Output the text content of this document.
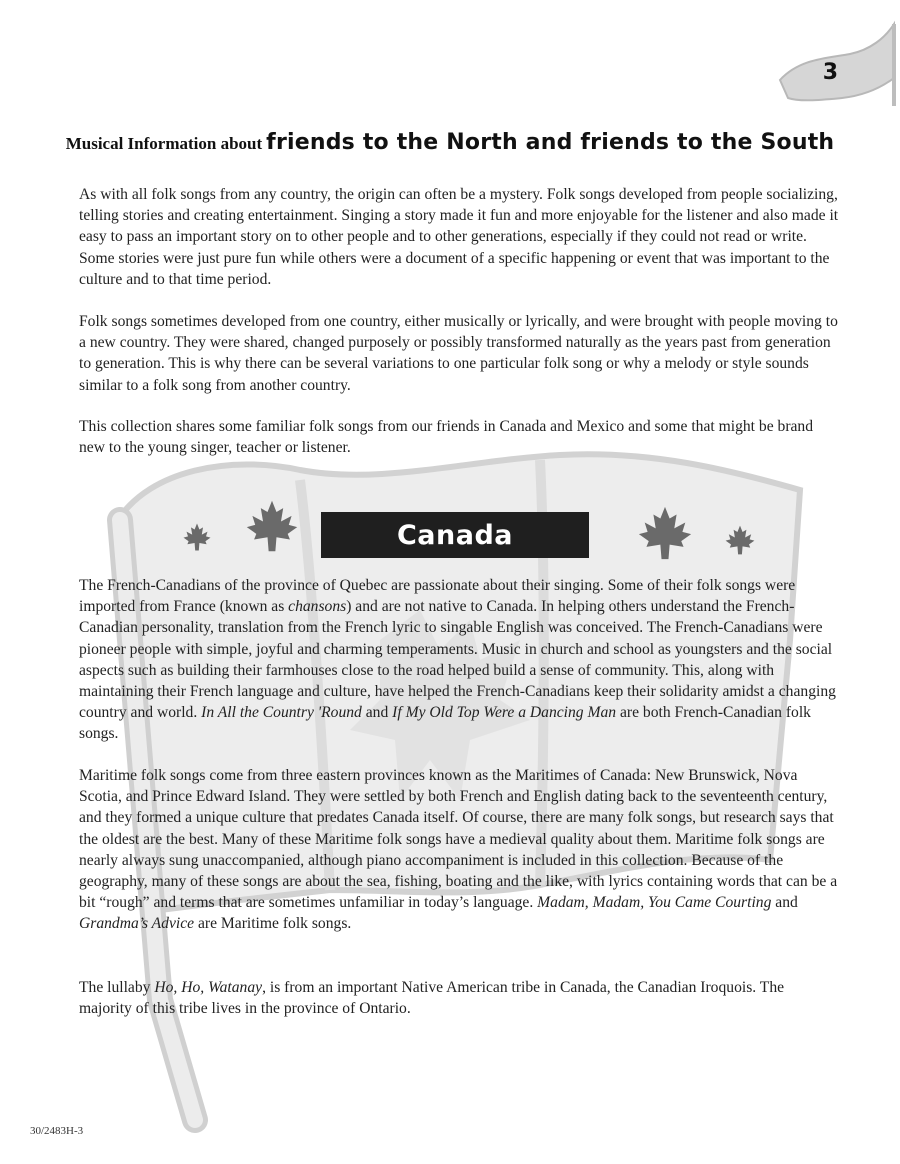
3
Musical Information about friends to the North and friends to the South

As with all folk songs from any country, the origin can often be a mystery. Folk songs developed from people socializing, telling stories and creating entertainment. Singing a story made it fun and more enjoyable for the listener and also made it easy to pass an important story on to other people and to other generations, especially if they could not read or write. Some stories were just pure fun while others were a document of a specific happening or event that was important to the culture and to that time period.

Folk songs sometimes developed from one country, either musically or lyrically, and were brought with people moving to a new country. They were shared, changed purposely or possibly transformed naturally as the years past from generation to generation. This is why there can be several variations to one particular folk song or why a melody or style sounds similar to a folk song from another country.

This collection shares some familiar folk songs from our friends in Canada and Mexico and some that might be brand new to the young singer, teacher or listener.

Canada

The French-Canadians of the province of Quebec are passionate about their singing. Some of their folk songs were imported from France (known as chansons) and are not native to Canada. In helping others understand the French-Canadian personality, translation from the French lyric to singable English was conceived. The French-Canadians were pioneer people with simple, joyful and charming temperaments. Music in church and school as youngsters and the social aspects such as building their farmhouses close to the road helped build a sense of community. This, along with maintaining their French language and culture, have helped the French-Canadians keep their solidarity amidst a changing country and world. In All the Country 'Round and If My Old Top Were a Dancing Man are both French-Canadian folk songs.

Maritime folk songs come from three eastern provinces known as the Maritimes of Canada: New Brunswick, Nova Scotia, and Prince Edward Island. They were settled by both French and English dating back to the seventeenth century, and they formed a unique culture that predates Canada itself. Of course, there are many folk songs, but research says that the oldest are the best. Many of these Maritime folk songs have a medieval quality about them. Maritime folk songs are nearly always sung unaccompanied, although piano accompaniment is included in this collection. Because of the geography, many of these songs are about the sea, fishing, boating and the like, with lyrics containing words that can be a bit “rough” and terms that are sometimes unfamiliar in today’s language. Madam, Madam, You Came Courting and Grandma’s Advice are Maritime folk songs.

The lullaby Ho, Ho, Watanay, is from an important Native American tribe in Canada, the Canadian Iroquois. The majority of this tribe lives in the province of Ontario.

30/2483H-3
